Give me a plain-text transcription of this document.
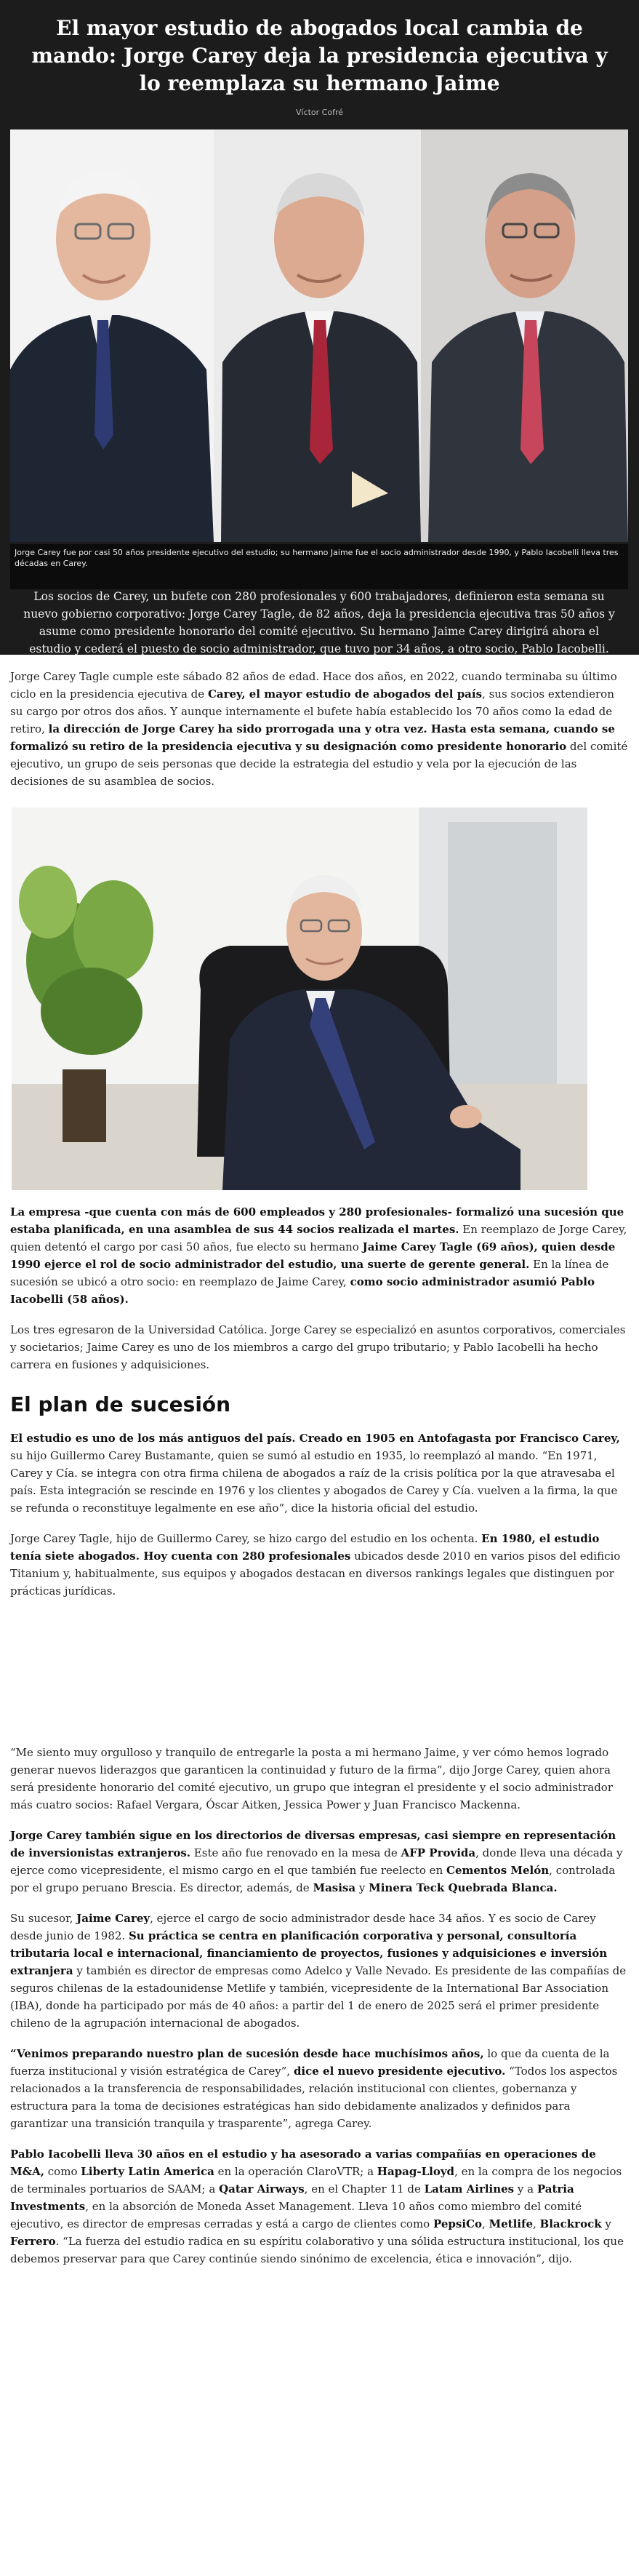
El mayor estudio de abogados local cambia de mando: Jorge Carey deja la presidencia ejecutiva y lo reemplaza su hermano Jaime
Víctor Cofré
Jorge Carey fue por casi 50 años presidente ejecutivo del estudio; su hermano Jaime fue el socio administrador desde 1990, y Pablo Iacobelli lleva tres décadas en Carey.

Los socios de Carey, un bufete con 280 profesionales y 600 trabajadores, definieron esta semana su nuevo gobierno corporativo: Jorge Carey Tagle, de 82 años, deja la presidencia ejecutiva tras 50 años y asume como presidente honorario del comité ejecutivo. Su hermano Jaime Carey dirigirá ahora el estudio y cederá el puesto de socio administrador, que tuvo por 34 años, a otro socio, Pablo Iacobelli.

Jorge Carey Tagle cumple este sábado 82 años de edad. Hace dos años, en 2022, cuando terminaba su último ciclo en la presidencia ejecutiva de Carey, el mayor estudio de abogados del país, sus socios extendieron su cargo por otros dos años. Y aunque internamente el bufete había establecido los 70 años como la edad de retiro, la dirección de Jorge Carey ha sido prorrogada una y otra vez. Hasta esta semana, cuando se formalizó su retiro de la presidencia ejecutiva y su designación como presidente honorario del comité ejecutivo, un grupo de seis personas que decide la estrategia del estudio y vela por la ejecución de las decisiones de su asamblea de socios.

La empresa -que cuenta con más de 600 empleados y 280 profesionales- formalizó una sucesión que estaba planificada, en una asamblea de sus 44 socios realizada el martes. En reemplazo de Jorge Carey, quien detentó el cargo por casi 50 años, fue electo su hermano Jaime Carey Tagle (69 años), quien desde 1990 ejerce el rol de socio administrador del estudio, una suerte de gerente general. En la línea de sucesión se ubicó a otro socio: en reemplazo de Jaime Carey, como socio administrador asumió Pablo Iacobelli (58 años).

Los tres egresaron de la Universidad Católica. Jorge Carey se especializó en asuntos corporativos, comerciales y societarios; Jaime Carey es uno de los miembros a cargo del grupo tributario; y Pablo Iacobelli ha hecho carrera en fusiones y adquisiciones.

El plan de sucesión

El estudio es uno de los más antiguos del país. Creado en 1905 en Antofagasta por Francisco Carey, su hijo Guillermo Carey Bustamante, quien se sumó al estudio en 1935, lo reemplazó al mando. “En 1971, Carey y Cía. se integra con otra firma chilena de abogados a raíz de la crisis política por la que atravesaba el país. Esta integración se rescinde en 1976 y los clientes y abogados de Carey y Cía. vuelven a la firma, la que se refunda o reconstituye legalmente en ese año”, dice la historia oficial del estudio.

Jorge Carey Tagle, hijo de Guillermo Carey, se hizo cargo del estudio en los ochenta. En 1980, el estudio tenía siete abogados. Hoy cuenta con 280 profesionales ubicados desde 2010 en varios pisos del edificio Titanium y, habitualmente, sus equipos y abogados destacan en diversos rankings legales que distinguen por prácticas jurídicas.

“Me siento muy orgulloso y tranquilo de entregarle la posta a mi hermano Jaime, y ver cómo hemos logrado generar nuevos liderazgos que garanticen la continuidad y futuro de la firma”, dijo Jorge Carey, quien ahora será presidente honorario del comité ejecutivo, un grupo que integran el presidente y el socio administrador más cuatro socios: Rafael Vergara, Óscar Aitken, Jessica Power y Juan Francisco Mackenna.

Jorge Carey también sigue en los directorios de diversas empresas, casi siempre en representación de inversionistas extranjeros. Este año fue renovado en la mesa de AFP Provida, donde lleva una década y ejerce como vicepresidente, el mismo cargo en el que también fue reelecto en Cementos Melón, controlada por el grupo peruano Brescia. Es director, además, de Masisa y Minera Teck Quebrada Blanca.

Su sucesor, Jaime Carey, ejerce el cargo de socio administrador desde hace 34 años. Y es socio de Carey desde junio de 1982. Su práctica se centra en planificación corporativa y personal, consultoría tributaria local e internacional, financiamiento de proyectos, fusiones y adquisiciones e inversión extranjera y también es director de empresas como Adelco y Valle Nevado. Es presidente de las compañías de seguros chilenas de la estadounidense Metlife y también, vicepresidente de la International Bar Association (IBA), donde ha participado por más de 40 años: a partir del 1 de enero de 2025 será el primer presidente chileno de la agrupación internacional de abogados.

“Venimos preparando nuestro plan de sucesión desde hace muchísimos años, lo que da cuenta de la fuerza institucional y visión estratégica de Carey”, dice el nuevo presidente ejecutivo. “Todos los aspectos relacionados a la transferencia de responsabilidades, relación institucional con clientes, gobernanza y estructura para la toma de decisiones estratégicas han sido debidamente analizados y definidos para garantizar una transición tranquila y trasparente”, agrega Carey.

Pablo Iacobelli lleva 30 años en el estudio y ha asesorado a varias compañías en operaciones de M&A, como Liberty Latin America en la operación ClaroVTR; a Hapag-Lloyd, en la compra de los negocios de terminales portuarios de SAAM; a Qatar Airways, en el Chapter 11 de Latam Airlines y a Patria Investments, en la absorción de Moneda Asset Management. Lleva 10 años como miembro del comité ejecutivo, es director de empresas cerradas y está a cargo de clientes como PepsiCo, Metlife, Blackrock y Ferrero. “La fuerza del estudio radica en su espíritu colaborativo y una sólida estructura institucional, los que debemos preservar para que Carey continúe siendo sinónimo de excelencia, ética e innovación”, dijo.
